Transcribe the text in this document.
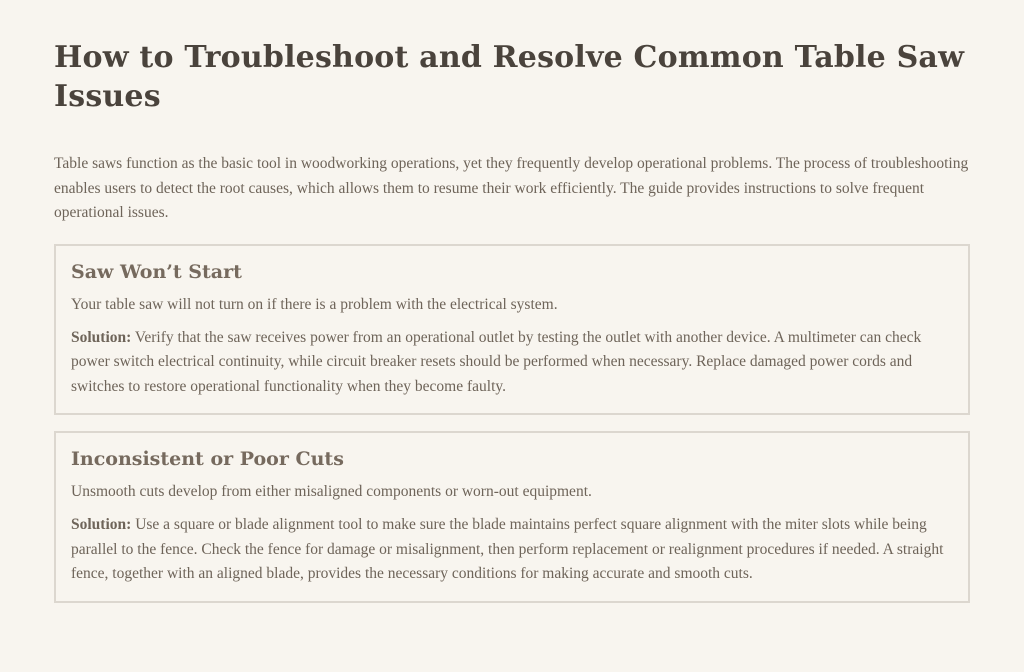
How to Troubleshoot and Resolve Common Table Saw Issues

Table saws function as the basic tool in woodworking operations, yet they frequently develop operational problems. The process of troubleshooting enables users to detect the root causes, which allows them to resume their work efficiently. The guide provides instructions to solve frequent operational issues.

Saw Won’t Start

Your table saw will not turn on if there is a problem with the electrical system.

Solution: Verify that the saw receives power from an operational outlet by testing the outlet with another device. A multimeter can check power switch electrical continuity, while circuit breaker resets should be performed when necessary. Replace damaged power cords and switches to restore operational functionality when they become faulty.

Inconsistent or Poor Cuts

Unsmooth cuts develop from either misaligned components or worn-out equipment.

Solution: Use a square or blade alignment tool to make sure the blade maintains perfect square alignment with the miter slots while being parallel to the fence. Check the fence for damage or misalignment, then perform replacement or realignment procedures if needed. A straight fence, together with an aligned blade, provides the necessary conditions for making accurate and smooth cuts.
